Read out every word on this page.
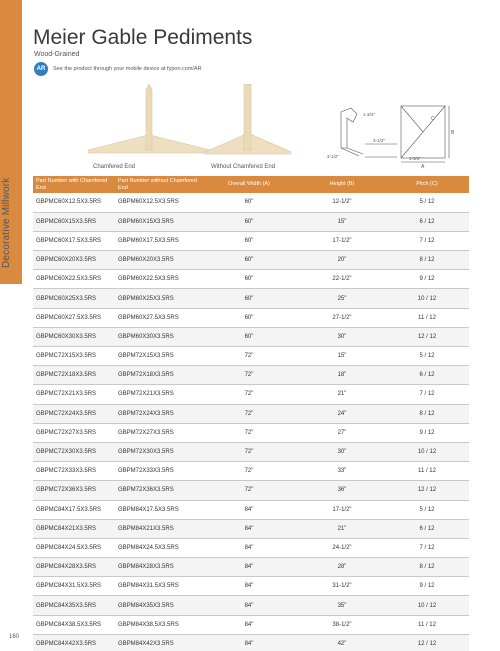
Decorative Millwork
Meier Gable Pediments
Wood-Grained
AR	See the product through your mobile device at fypon.com/AR
Chamfered End	Without Chamfered End
1-3/4"
3-1/2"
3-1/2"	1-3/4"
A
B
C
Part Number with Chamfered End	Part Number without Chamfered End	Overall Width (A)	Height (B)	Pitch (C)
GBPMC60X12.5X3.5RS	GBPM60X12.5X3.5RS	60"	12-1/2"	5 / 12
GBPMC60X15X3.5RS	GBPM60X15X3.5RS	60"	15"	6 / 12
GBPMC60X17.5X3.5RS	GBPM60X17.5X3.5RS	60"	17-1/2"	7 / 12
GBPMC60X20X3.5RS	GBPM60X20X3.5RS	60"	20"	8 / 12
GBPMC60X22.5X3.5RS	GBPM60X22.5X3.5RS	60"	22-1/2"	9 / 12
GBPMC60X25X3.5RS	GBPM60X25X3.5RS	60"	25"	10 / 12
GBPMC60X27.5X3.5RS	GBPM60X27.5X3.5RS	60"	27-1/2"	11 / 12
GBPMC60X30X3.5RS	GBPM60X30X3.5RS	60"	30"	12 / 12
GBPMC72X15X3.5RS	GBPM72X15X3.5RS	72"	15"	5 / 12
GBPMC72X18X3.5RS	GBPM72X18X3.5RS	72"	18"	6 / 12
GBPMC72X21X3.5RS	GBPM72X21X3.5RS	72"	21"	7 / 12
GBPMC72X24X3.5RS	GBPM72X24X3.5RS	72"	24"	8 / 12
GBPMC72X27X3.5RS	GBPM72X27X3.5RS	72"	27"	9 / 12
GBPMC72X30X3.5RS	GBPM72X30X3.5RS	72"	30"	10 / 12
GBPMC72X33X3.5RS	GBPM72X33X3.5RS	72"	33"	11 / 12
GBPMC72X36X3.5RS	GBPM72X36X3.5RS	72"	36"	12 / 12
GBPMC84X17.5X3.5RS	GBPM84X17.5X3.5RS	84"	17-1/2"	5 / 12
GBPMC84X21X3.5RS	GBPM84X21X3.5RS	84"	21"	6 / 12
GBPMC84X24.5X3.5RS	GBPM84X24.5X3.5RS	84"	24-1/2"	7 / 12
GBPMC84X28X3.5RS	GBPM84X28X3.5RS	84"	28"	8 / 12
GBPMC84X31.5X3.5RS	GBPM84X31.5X3.5RS	84"	31-1/2"	9 / 12
GBPMC84X35X3.5RS	GBPM84X35X3.5RS	84"	35"	10 / 12
GBPMC84X38.5X3.5RS	GBPM84X38.5X3.5RS	84"	38-1/2"	11 / 12
GBPMC84X42X3.5RS	GBPM84X42X3.5RS	84"	42"	12 / 12
160
